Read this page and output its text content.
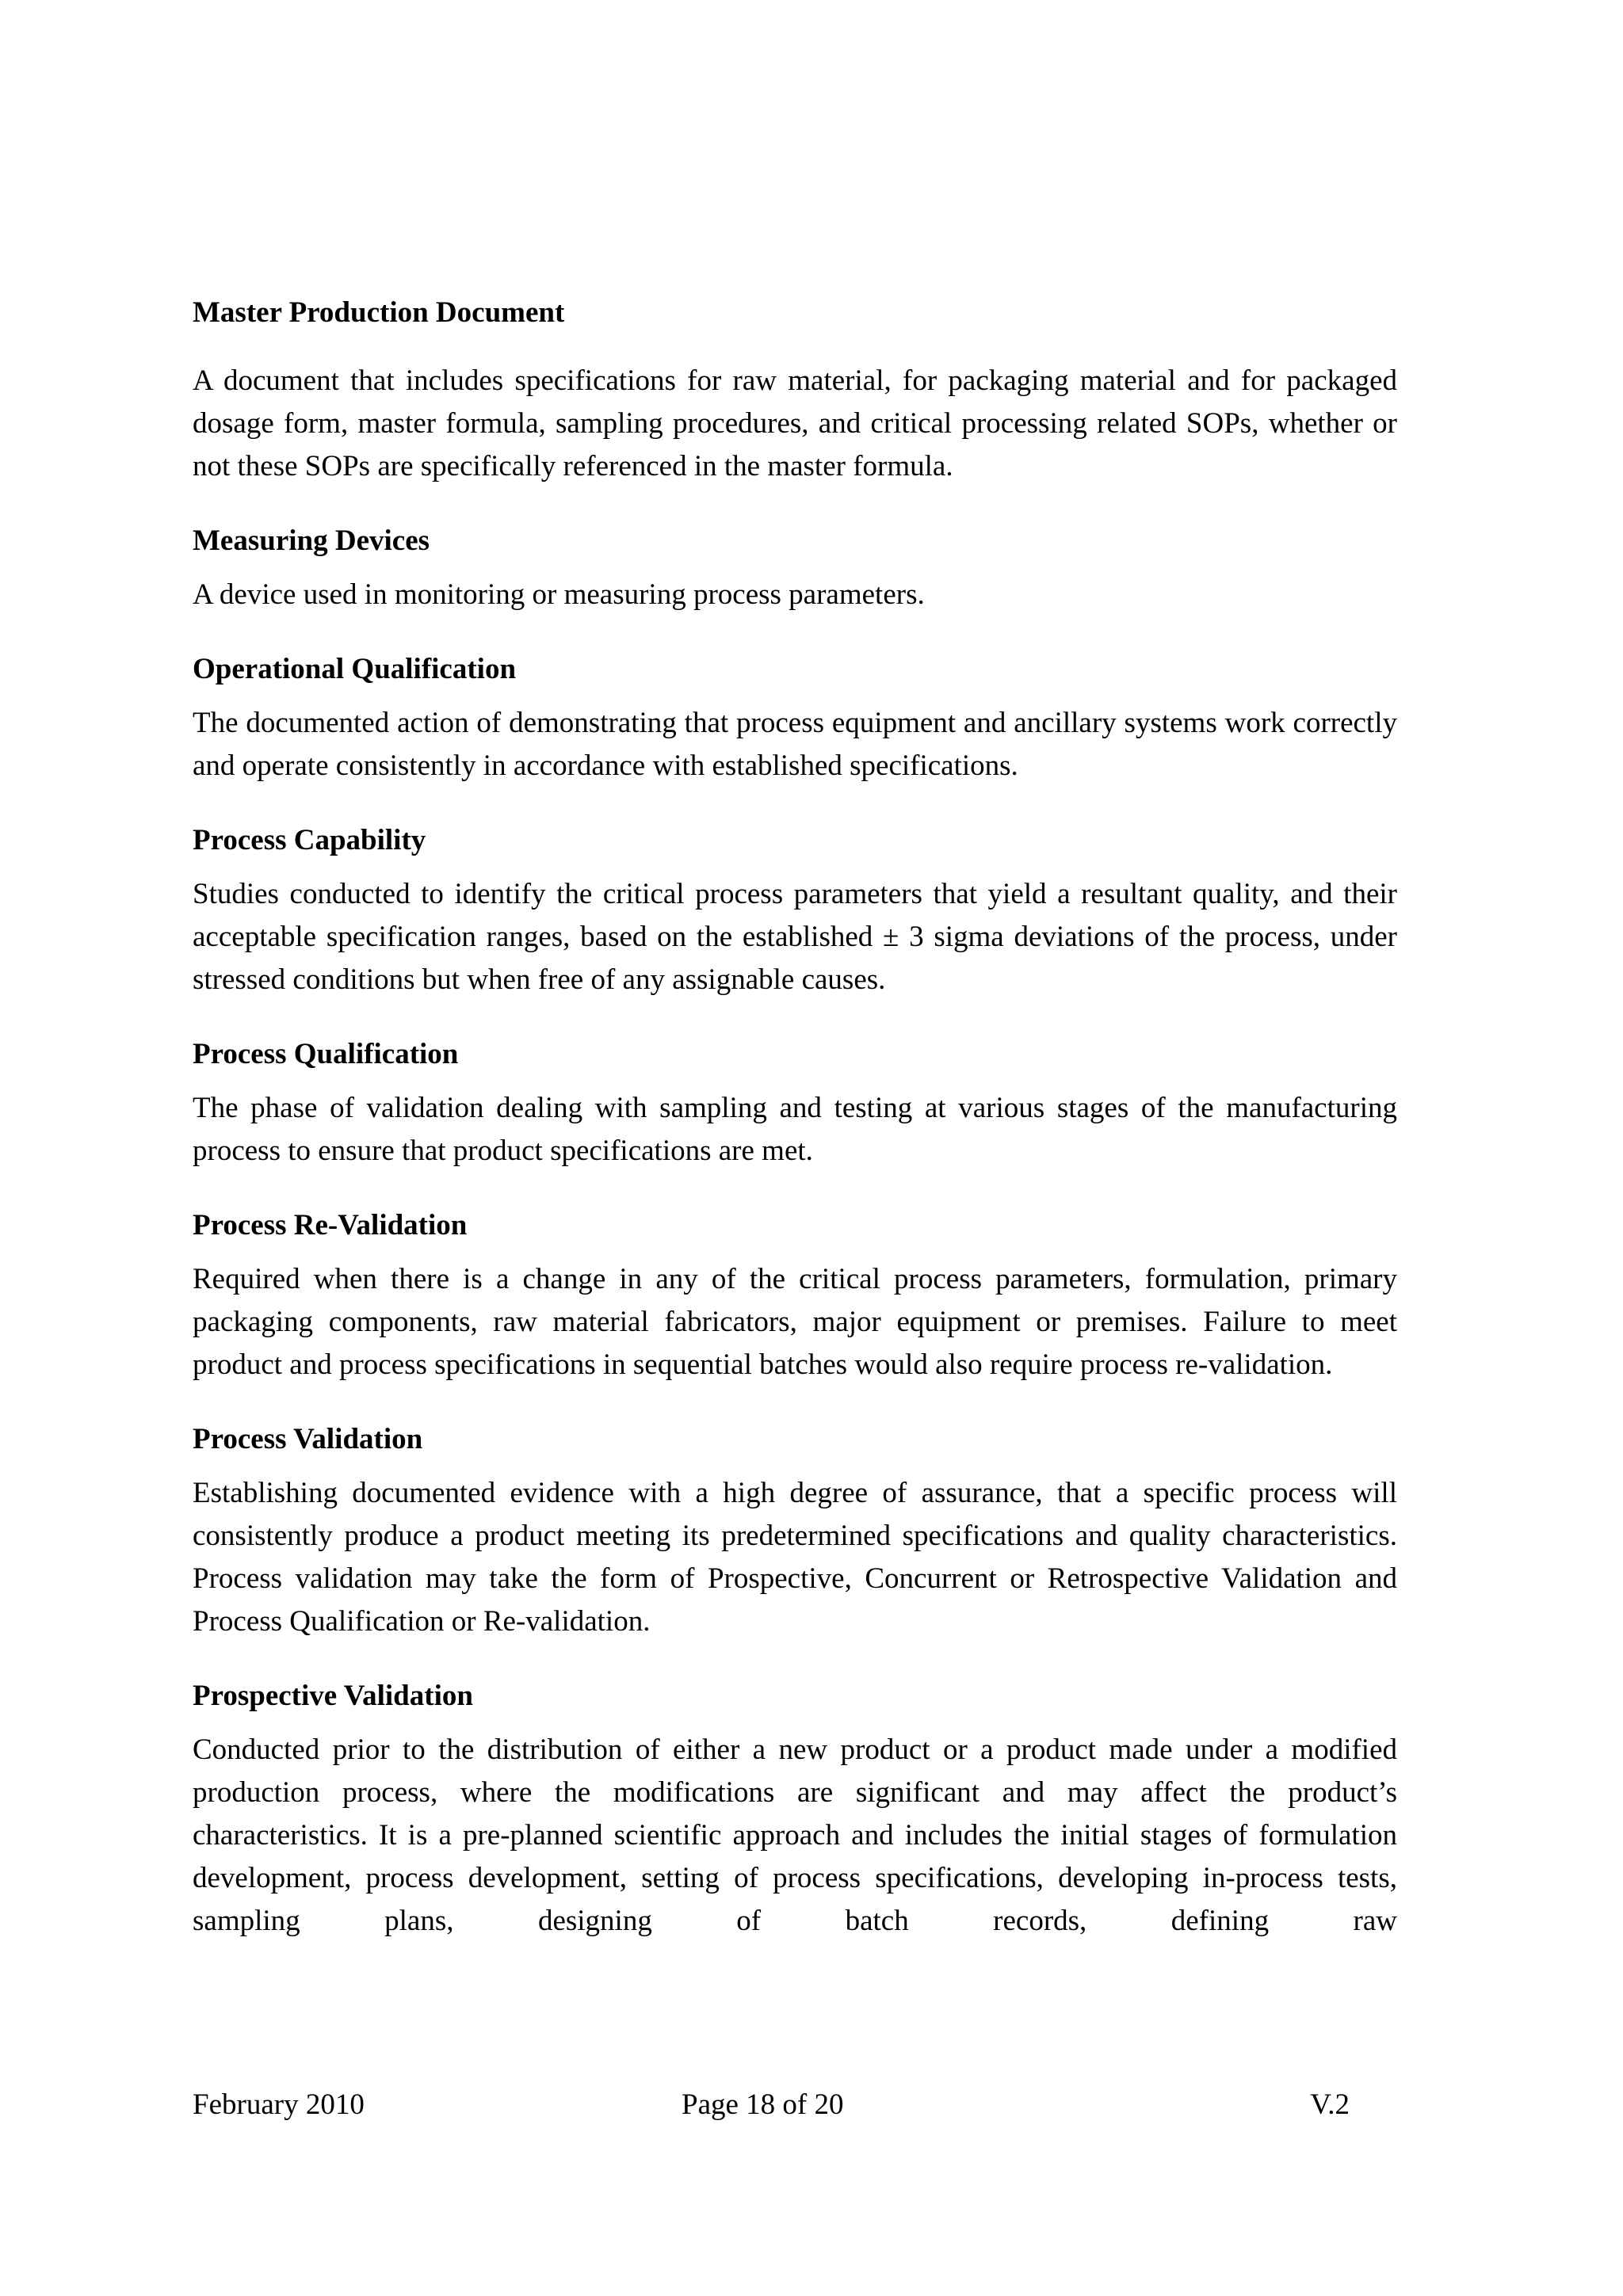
Master Production Document
A document that includes specifications for raw material, for packaging material and for packaged dosage form, master formula, sampling procedures, and critical processing related SOPs, whether or not these SOPs are specifically referenced in the master formula.
Measuring Devices
A device used in monitoring or measuring process parameters.
Operational Qualification
The documented action of demonstrating that process equipment and ancillary systems work correctly and operate consistently in accordance with established specifications.
Process Capability
Studies conducted to identify the critical process parameters that yield a resultant quality, and their acceptable specification ranges, based on the established ± 3 sigma deviations of the process, under stressed conditions but when free of any assignable causes.
Process Qualification
The phase of validation dealing with sampling and testing at various stages of the manufacturing process to ensure that product specifications are met.
Process Re-Validation
Required when there is a change in any of the critical process parameters, formulation, primary packaging components, raw material fabricators, major equipment or premises. Failure to meet product and process specifications in sequential batches would also require process re-validation.
Process Validation
Establishing documented evidence with a high degree of assurance, that a specific process will consistently produce a product meeting its predetermined specifications and quality characteristics. Process validation may take the form of Prospective, Concurrent or Retrospective Validation and Process Qualification or Re-validation.
Prospective Validation
Conducted prior to the distribution of either a new product or a product made under a modified production process, where the modifications are significant and may affect the product’s characteristics. It is a pre-planned scientific approach and includes the initial stages of formulation development, process development, setting of process specifications, developing in-process tests, sampling plans, designing of batch records, defining raw
February 2010	Page 18 of 20	V.2
